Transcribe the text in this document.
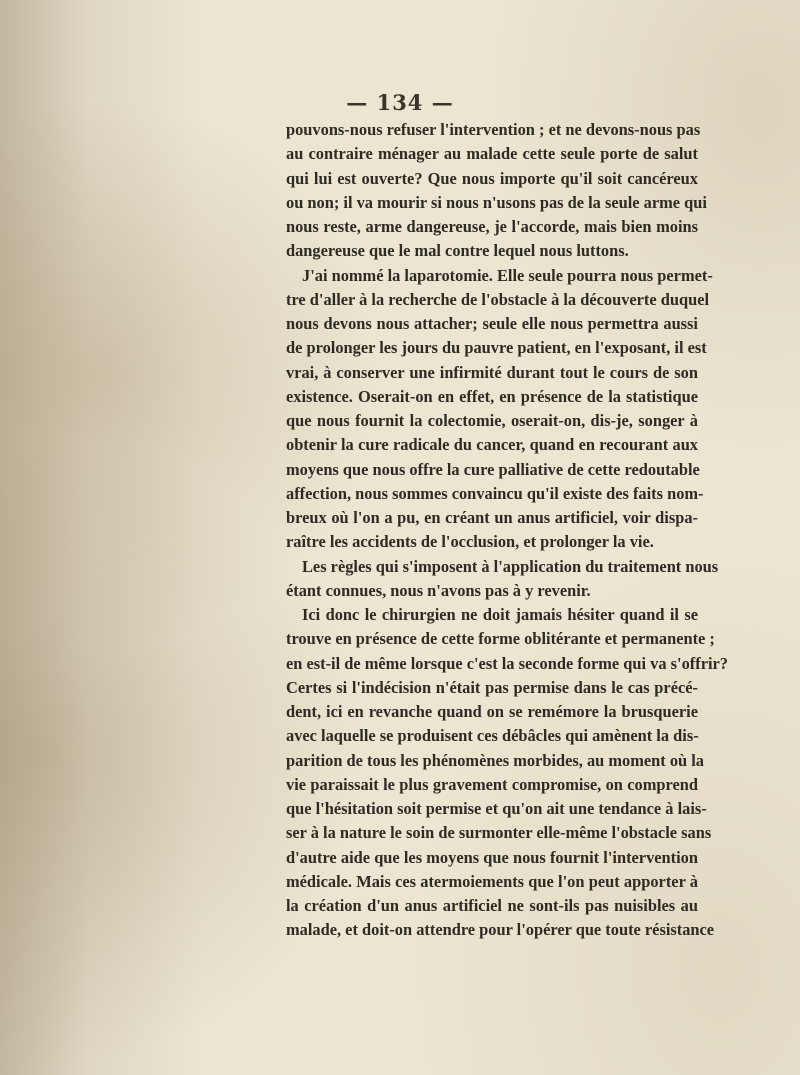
— 134 —
pouvons-nous refuser l'intervention ; et ne devons-nous pas
au contraire ménager au malade cette seule porte de salut
qui lui est ouverte? Que nous importe qu'il soit cancéreux
ou non; il va mourir si nous n'usons pas de la seule arme qui
nous reste, arme dangereuse, je l'accorde, mais bien moins
dangereuse que le mal contre lequel nous luttons.
J'ai nommé la laparotomie. Elle seule pourra nous permet-
tre d'aller à la recherche de l'obstacle à la découverte duquel
nous devons nous attacher; seule elle nous permettra aussi
de prolonger les jours du pauvre patient, en l'exposant, il est
vrai, à conserver une infirmité durant tout le cours de son
existence. Oserait-on en effet, en présence de la statistique
que nous fournit la colectomie, oserait-on, dis-je, songer à
obtenir la cure radicale du cancer, quand en recourant aux
moyens que nous offre la cure palliative de cette redoutable
affection, nous sommes convaincu qu'il existe des faits nom-
breux où l'on a pu, en créant un anus artificiel, voir dispa-
raître les accidents de l'occlusion, et prolonger la vie.
Les règles qui s'imposent à l'application du traitement nous
étant connues, nous n'avons pas à y revenir.
Ici donc le chirurgien ne doit jamais hésiter quand il se
trouve en présence de cette forme oblitérante et permanente ;
en est-il de même lorsque c'est la seconde forme qui va s'offrir?
Certes si l'indécision n'était pas permise dans le cas précé-
dent, ici en revanche quand on se remémore la brusquerie
avec laquelle se produisent ces débâcles qui amènent la dis-
parition de tous les phénomènes morbides, au moment où la
vie paraissait le plus gravement compromise, on comprend
que l'hésitation soit permise et qu'on ait une tendance à lais-
ser à la nature le soin de surmonter elle-même l'obstacle sans
d'autre aide que les moyens que nous fournit l'intervention
médicale. Mais ces atermoiements que l'on peut apporter à
la création d'un anus artificiel ne sont-ils pas nuisibles au
malade, et doit-on attendre pour l'opérer que toute résistance
